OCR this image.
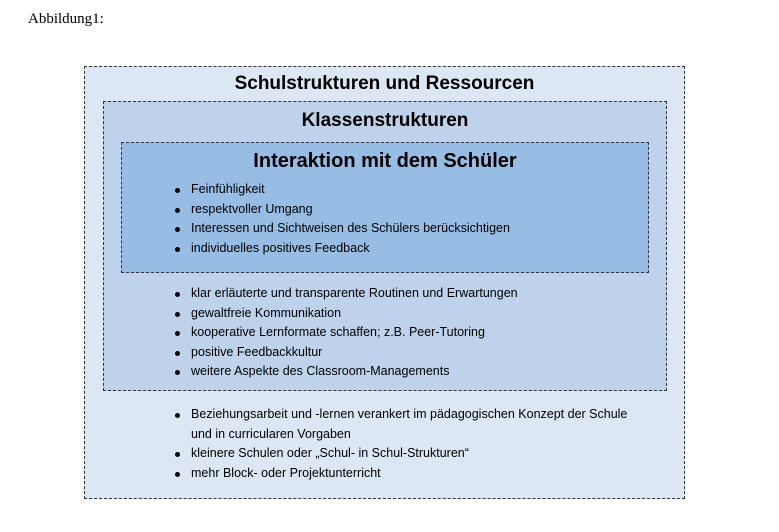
Abbildung1:
Schulstrukturen und Ressourcen
Klassenstrukturen
Interaktion mit dem Schüler
Feinfühligkeit
respektvoller Umgang
Interessen und Sichtweisen des Schülers berücksichtigen
individuelles positives Feedback
klar erläuterte und transparente Routinen und Erwartungen
gewaltfreie Kommunikation
kooperative Lernformate schaffen; z.B. Peer-Tutoring
positive Feedbackkultur
weitere Aspekte des Classroom-Managements
Beziehungsarbeit und -lernen verankert im pädagogischen Konzept der Schule und in curricularen Vorgaben
kleinere Schulen oder „Schul- in Schul-Strukturen“
mehr Block- oder Projektunterricht
